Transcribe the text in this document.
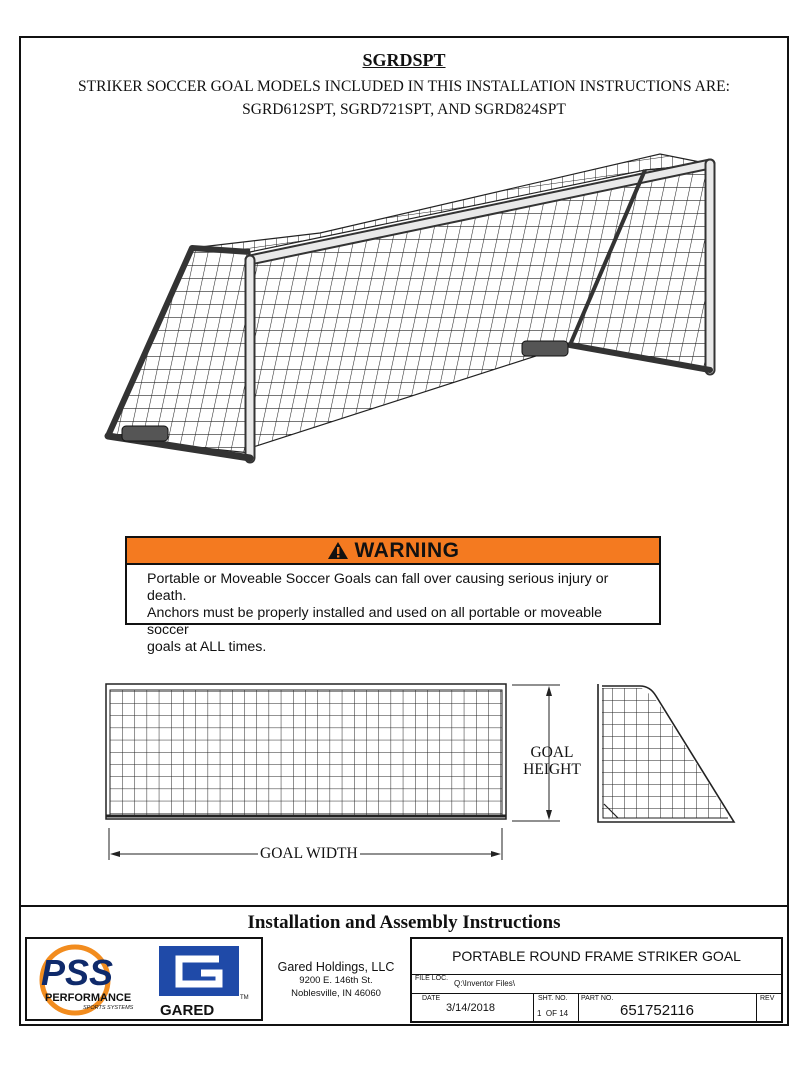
SGRDSPT
STRIKER SOCCER GOAL MODELS INCLUDED IN THIS INSTALLATION INSTRUCTIONS ARE:
SGRD612SPT, SGRD721SPT, AND SGRD824SPT
WARNING
Portable or Moveable Soccer Goals can fall over causing serious injury or death.
Anchors must be properly installed and used on all portable or moveable soccer
goals at ALL times.
GOAL
HEIGHT
GOAL WIDTH
Installation and Assembly Instructions
PSS
PERFORMANCE
SPORTS SYSTEMS GARED
TM
Gared Holdings, LLC
9200 E. 146th St.
Noblesville, IN 46060
PORTABLE ROUND FRAME STRIKER GOAL
FILE LOC.
Q:\Inventor Files\
DATE
3/14/2018
SHT. NO.
1  OF 14
PART NO.
651752116
REV
